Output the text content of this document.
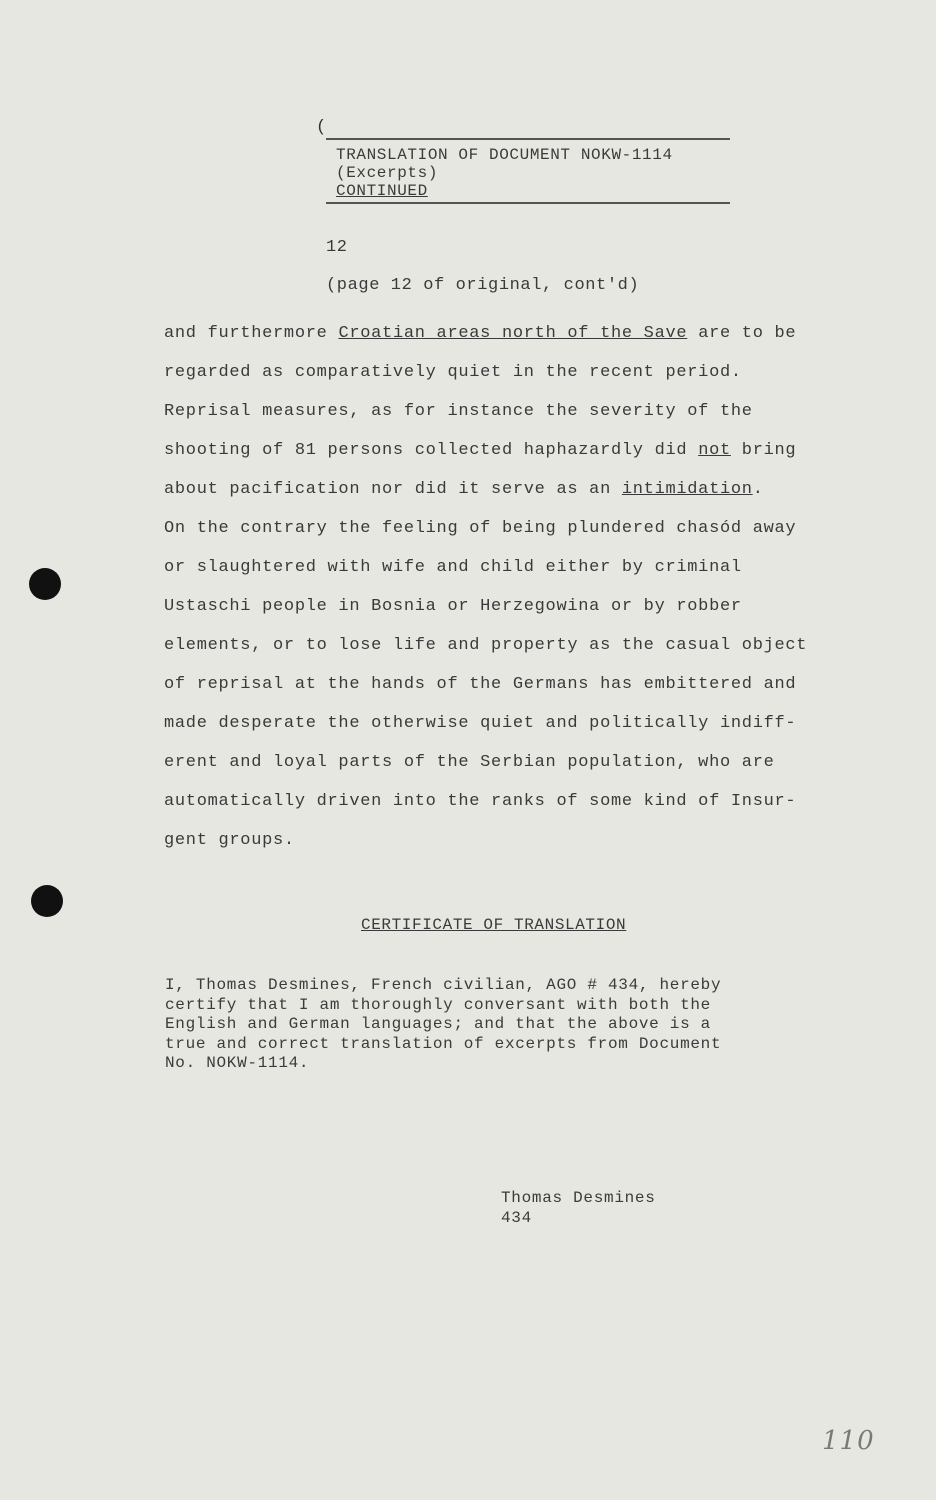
(
TRANSLATION OF DOCUMENT NOKW-1114
(Excerpts)
CONTINUED
12
(page 12 of original, cont'd)
and furthermore Croatian areas north of the Save are to be
regarded as comparatively quiet in the recent period.
Reprisal measures, as for instance the severity of the
shooting of 81 persons collected haphazardly did not bring
about pacification nor did it serve as an intimidation.
On the contrary the feeling of being plundered chasód away
or slaughtered with wife and child either by criminal
Ustaschi people in Bosnia or Herzegowina or by robber
elements, or to lose life and property as the casual object
of reprisal at the hands of the Germans has embittered and
made desperate the otherwise quiet and politically indiff-
erent and loyal parts of the Serbian population, who are
automatically driven into the ranks of some kind of Insur-
gent groups.
CERTIFICATE OF TRANSLATION
I, Thomas Desmines, French civilian, AGO # 434, hereby
certify that I am thoroughly conversant with both the
English and German languages; and that the above is a
true and correct translation of excerpts from Document
No. NOKW-1114.
Thomas Desmines
434
110
